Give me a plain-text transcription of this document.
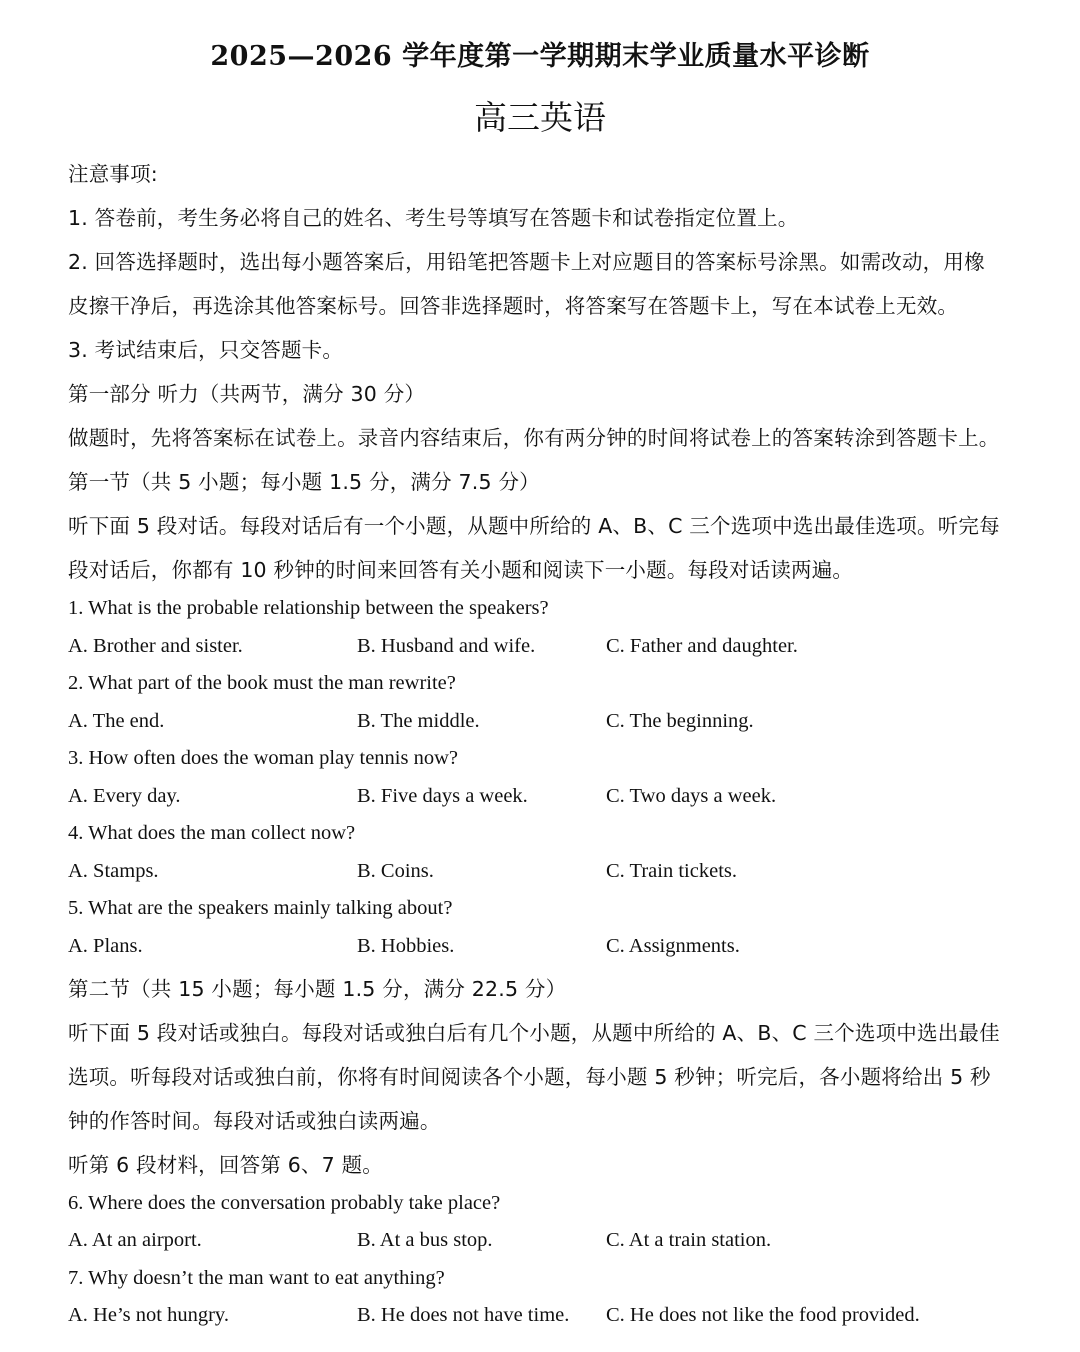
2025—2026 学年度第一学期期末学业质量水平诊断
高三英语
注意事项:
1. 答卷前，考生务必将自己的姓名、考生号等填写在答题卡和试卷指定位置上。
2. 回答选择题时，选出每小题答案后，用铅笔把答题卡上对应题目的答案标号涂黑。如需改动，用橡
皮擦干净后，再选涂其他答案标号。回答非选择题时，将答案写在答题卡上，写在本试卷上无效。
3. 考试结束后，只交答题卡。
第一部分 听力（共两节，满分 30 分）
做题时，先将答案标在试卷上。录音内容结束后，你有两分钟的时间将试卷上的答案转涂到答题卡上。
第一节（共 5 小题；每小题 1.5 分，满分 7.5 分）
听下面 5 段对话。每段对话后有一个小题，从题中所给的 A、B、C 三个选项中选出最佳选项。听完每
段对话后，你都有 10 秒钟的时间来回答有关小题和阅读下一小题。每段对话读两遍。
1. What is the probable relationship between the speakers?
A. Brother and sister.	B. Husband and wife.	C. Father and daughter.
2. What part of the book must the man rewrite?
A. The end.	B. The middle.	C. The beginning.
3. How often does the woman play tennis now?
A. Every day.	B. Five days a week.	C. Two days a week.
4. What does the man collect now?
A. Stamps.	B. Coins.	C. Train tickets.
5. What are the speakers mainly talking about?
A. Plans.	B. Hobbies.	C. Assignments.
第二节（共 15 小题；每小题 1.5 分，满分 22.5 分）
听下面 5 段对话或独白。每段对话或独白后有几个小题，从题中所给的 A、B、C 三个选项中选出最佳
选项。听每段对话或独白前，你将有时间阅读各个小题，每小题 5 秒钟；听完后，各小题将给出 5 秒
钟的作答时间。每段对话或独白读两遍。
听第 6 段材料，回答第 6、7 题。
6. Where does the conversation probably take place?
A. At an airport.	B. At a bus stop.	C. At a train station.
7. Why doesn’t the man want to eat anything?
A. He’s not hungry.	B. He does not have time. C. He does not like the food provided.
